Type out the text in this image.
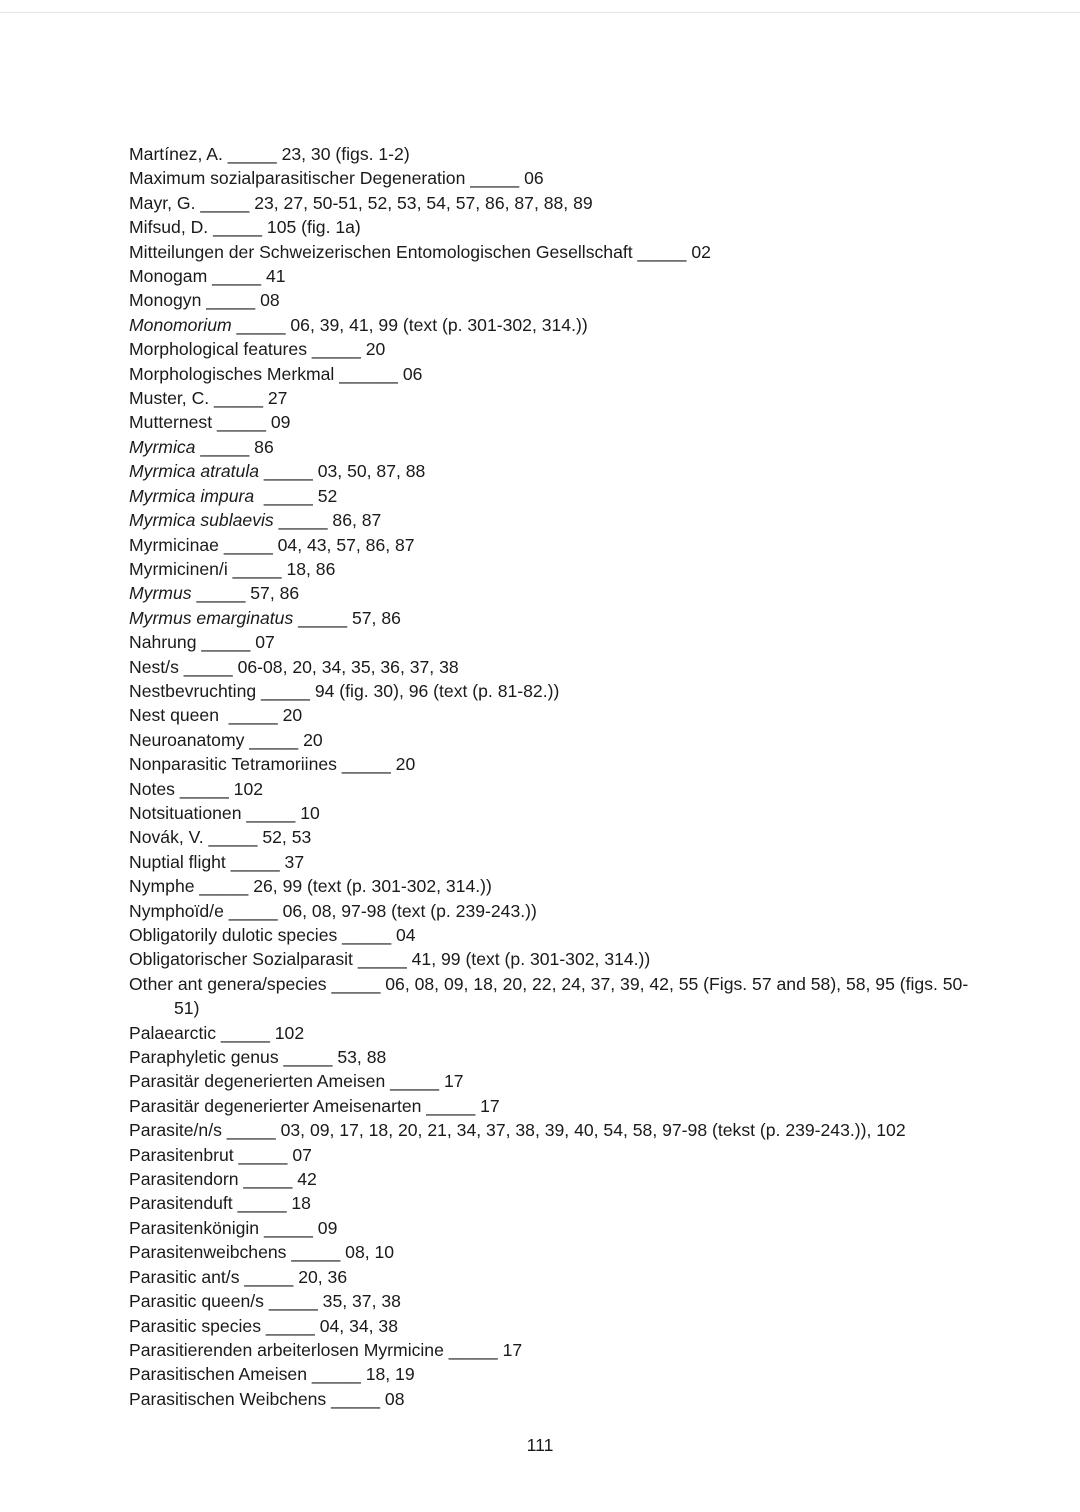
Martínez, A. _____ 23, 30 (figs. 1-2)
Maximum sozialparasitischer Degeneration _____ 06
Mayr, G. _____ 23, 27, 50-51, 52, 53, 54, 57, 86, 87, 88, 89
Mifsud, D. _____ 105 (fig. 1a)
Mitteilungen der Schweizerischen Entomologischen Gesellschaft _____ 02
Monogam _____ 41
Monogyn _____ 08
Monomorium _____ 06, 39, 41, 99 (text (p. 301-302, 314.))
Morphological features _____ 20
Morphologisches Merkmal ______ 06
Muster, C. _____ 27
Mutternest _____ 09
Myrmica _____ 86
Myrmica atratula _____ 03, 50, 87, 88
Myrmica impura  _____ 52
Myrmica sublaevis _____ 86, 87
Myrmicinae _____ 04, 43, 57, 86, 87
Myrmicinen/i _____ 18, 86
Myrmus _____ 57, 86
Myrmus emarginatus _____ 57, 86
Nahrung _____ 07
Nest/s _____ 06-08, 20, 34, 35, 36, 37, 38
Nestbevruchting _____ 94 (fig. 30), 96 (text (p. 81-82.))
Nest queen  _____ 20
Neuroanatomy _____ 20
Nonparasitic Tetramoriines _____ 20
Notes _____ 102
Notsituationen _____ 10
Novák, V. _____ 52, 53
Nuptial flight _____ 37
Nymphe _____ 26, 99 (text (p. 301-302, 314.))
Nymphoïd/e _____ 06, 08, 97-98 (text (p. 239-243.))
Obligatorily dulotic species _____ 04
Obligatorischer Sozialparasit _____ 41, 99 (text (p. 301-302, 314.))
Other ant genera/species _____ 06, 08, 09, 18, 20, 22, 24, 37, 39, 42, 55 (Figs. 57 and 58), 58, 95 (figs. 50-51)
Palaearctic _____ 102
Paraphyletic genus _____ 53, 88
Parasitär degenerierten Ameisen _____ 17
Parasitär degenerierter Ameisenarten _____ 17
Parasite/n/s _____ 03, 09, 17, 18, 20, 21, 34, 37, 38, 39, 40, 54, 58, 97-98 (tekst (p. 239-243.)), 102
Parasitenbrut _____ 07
Parasitendorn _____ 42
Parasitenduft _____ 18
Parasitenkönigin _____ 09
Parasitenweibchens _____ 08, 10
Parasitic ant/s _____ 20, 36
Parasitic queen/s _____ 35, 37, 38
Parasitic species _____ 04, 34, 38
Parasitierenden arbeiterlosen Myrmicine _____ 17
Parasitischen Ameisen _____ 18, 19
Parasitischen Weibchens _____ 08
111
